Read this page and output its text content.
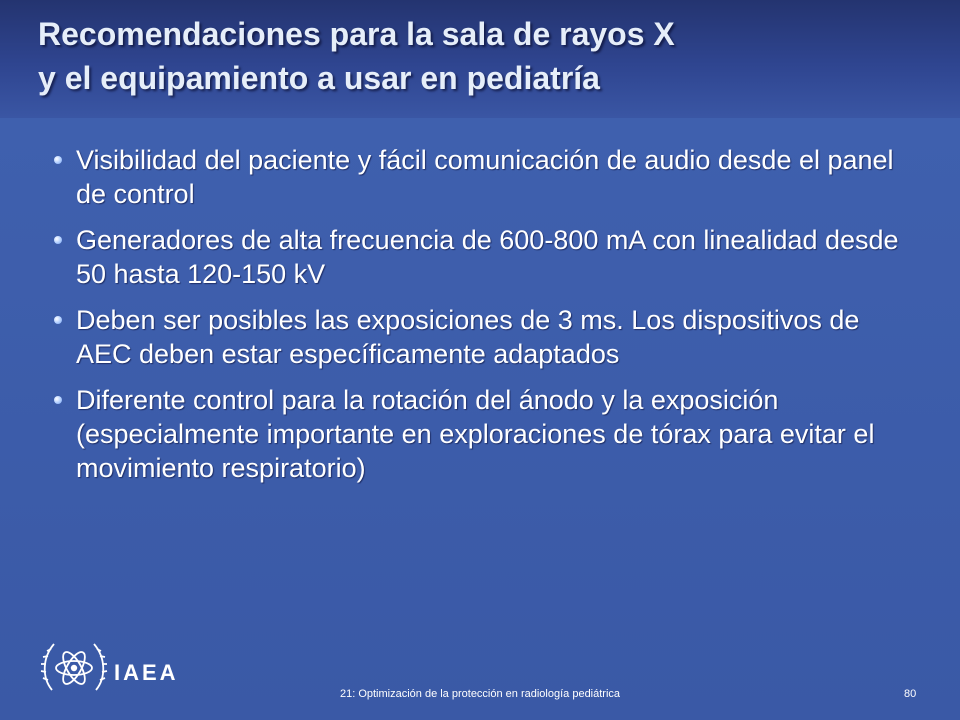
Recomendaciones para la sala de rayos X
y el equipamiento a usar en pediatría
Visibilidad del paciente y fácil comunicación de audio desde el panel de control
Generadores de alta frecuencia de 600-800 mA con linealidad desde 50 hasta 120-150 kV
Deben ser posibles las exposiciones de 3 ms. Los dispositivos de AEC deben estar específicamente adaptados
Diferente control para la rotación del ánodo y la exposición (especialmente importante en exploraciones de tórax para evitar el movimiento respiratorio)
IAEA
21: Optimización de la protección en radiología pediátrica	80
